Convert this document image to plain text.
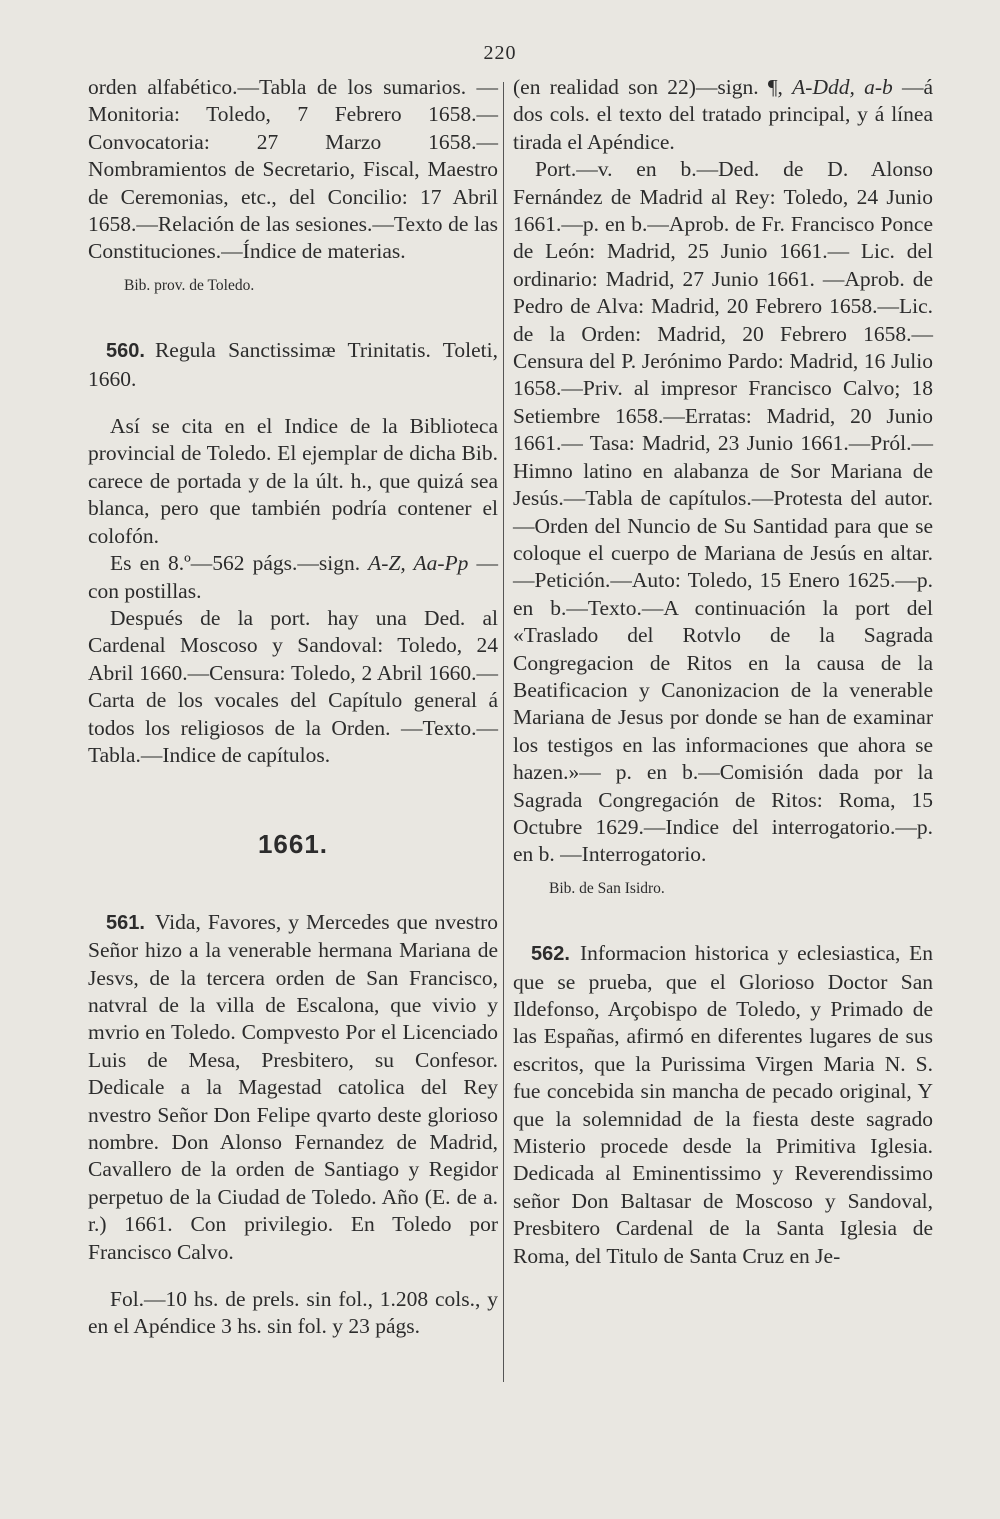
220

orden alfabético.—Tabla de los sumarios. —Monitoria: Toledo, 7 Febrero 1658.— Convocatoria: 27 Marzo 1658.—Nombramientos de Secretario, Fiscal, Maestro de Ceremonias, etc., del Concilio: 17 Abril 1658.—Relación de las sesiones.—Texto de las Constituciones.—Índice de materias.

Bib. prov. de Toledo.

560. Regula Sanctissimæ Trinitatis. Toleti, 1660.

Así se cita en el Indice de la Biblioteca provincial de Toledo. El ejemplar de dicha Bib. carece de portada y de la últ. h., que quizá sea blanca, pero que también podría contener el colofón.

Es en 8.º—562 págs.—sign. A-Z, Aa-Pp —con postillas.

Después de la port. hay una Ded. al Cardenal Moscoso y Sandoval: Toledo, 24 Abril 1660.—Censura: Toledo, 2 Abril 1660.—Carta de los vocales del Capítulo general á todos los religiosos de la Orden. —Texto.—Tabla.—Indice de capítulos.

1661.

561. Vida, Favores, y Mercedes que nvestro Señor hizo a la venerable hermana Mariana de Jesvs, de la tercera orden de San Francisco, natvral de la villa de Escalona, que vivio y mvrio en Toledo. Compvesto Por el Licenciado Luis de Mesa, Presbitero, su Confesor. Dedicale a la Magestad catolica del Rey nvestro Señor Don Felipe qvarto deste glorioso nombre. Don Alonso Fernandez de Madrid, Cavallero de la orden de Santiago y Regidor perpetuo de la Ciudad de Toledo. Año (E. de a. r.) 1661. Con privilegio. En Toledo por Francisco Calvo.

Fol.—10 hs. de prels. sin fol., 1.208 cols., y en el Apéndice 3 hs. sin fol. y 23 págs.

(en realidad son 22)—sign. ¶, A-Ddd, a-b —á dos cols. el texto del tratado principal, y á línea tirada el Apéndice.

Port.—v. en b.—Ded. de D. Alonso Fernández de Madrid al Rey: Toledo, 24 Junio 1661.—p. en b.—Aprob. de Fr. Francisco Ponce de León: Madrid, 25 Junio 1661.— Lic. del ordinario: Madrid, 27 Junio 1661. —Aprob. de Pedro de Alva: Madrid, 20 Febrero 1658.—Lic. de la Orden: Madrid, 20 Febrero 1658.—Censura del P. Jerónimo Pardo: Madrid, 16 Julio 1658.—Priv. al impresor Francisco Calvo; 18 Setiembre 1658.—Erratas: Madrid, 20 Junio 1661.— Tasa: Madrid, 23 Junio 1661.—Pról.— Himno latino en alabanza de Sor Mariana de Jesús.—Tabla de capítulos.—Protesta del autor.—Orden del Nuncio de Su Santidad para que se coloque el cuerpo de Mariana de Jesús en altar.—Petición.—Auto: Toledo, 15 Enero 1625.—p. en b.—Texto.—A continuación la port del «Traslado del Rotvlo de la Sagrada Congregacion de Ritos en la causa de la Beatificacion y Canonizacion de la venerable Mariana de Jesus por donde se han de examinar los testigos en las informaciones que ahora se hazen.»— p. en b.—Comisión dada por la Sagrada Congregación de Ritos: Roma, 15 Octubre 1629.—Indice del interrogatorio.—p. en b. —Interrogatorio.

Bib. de San Isidro.

562. Informacion historica y eclesiastica, En que se prueba, que el Glorioso Doctor San Ildefonso, Arçobispo de Toledo, y Primado de las Españas, afirmó en diferentes lugares de sus escritos, que la Purissima Virgen Maria N. S. fue concebida sin mancha de pecado original, Y que la solemnidad de la fiesta deste sagrado Misterio procede desde la Primitiva Iglesia. Dedicada al Eminentissimo y Reverendissimo señor Don Baltasar de Moscoso y Sandoval, Presbitero Cardenal de la Santa Iglesia de Roma, del Titulo de Santa Cruz en Je-
